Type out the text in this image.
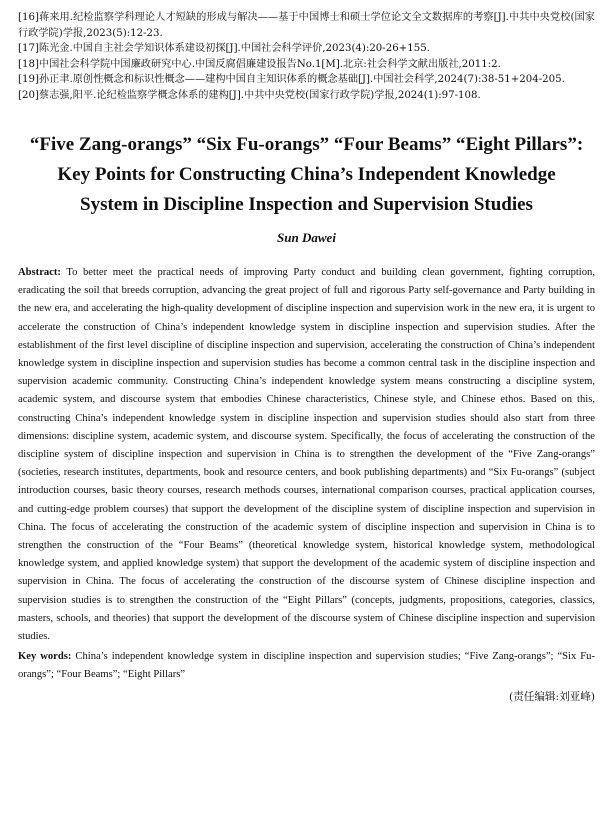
[16]蒋来用.纪检监察学科理论人才短缺的形成与解决——基于中国博士和硕士学位论文全文数据库的考察[J].中共中央党校(国家行政学院)学报,2023(5):12-23.

[17]陈光金.中国自主社会学知识体系建设初探[J].中国社会科学评价,2023(4):20-26+155.

[18]中国社会科学院中国廉政研究中心.中国反腐倡廉建设报告No.1[M].北京:社会科学文献出版社,2011:2.

[19]孙正聿.原创性概念和标识性概念——建构中国自主知识体系的概念基础[J].中国社会科学,2024(7):38-51+204-205.

[20]蔡志强,阳平.论纪检监察学概念体系的建构[J].中共中央党校(国家行政学院)学报,2024(1):97-108.

“Five Zang-orangs” “Six Fu-orangs” “Four Beams” “Eight Pillars”:
Key Points for Constructing China’s Independent Knowledge
System in Discipline Inspection and Supervision Studies

Sun Dawei

Abstract: To better meet the practical needs of improving Party conduct and building clean government, fighting corruption, eradicating the soil that breeds corruption, advancing the great project of full and rigorous Party self-governance and Party building in the new era, and accelerating the high-quality development of discipline inspection and supervision work in the new era, it is urgent to accelerate the construction of China’s independent knowledge system in discipline inspection and supervision studies. After the establishment of the first level discipline of discipline inspection and supervision, accelerating the construction of China’s independent knowledge system in discipline inspection and supervision studies has become a common central task in the discipline inspection and supervision academic community. Constructing China’s independent knowledge system means constructing a discipline system, academic system, and discourse system that embodies Chinese characteristics, Chinese style, and Chinese ethos. Based on this, constructing China’s independent knowledge system in discipline inspection and supervision studies should also start from three dimensions: discipline system, academic system, and discourse system. Specifically, the focus of accelerating the construction of the discipline system of discipline inspection and supervision in China is to strengthen the development of the “Five Zang-orangs” (societies, research institutes, departments, book and resource centers, and book publishing departments) and “Six Fu-orangs” (subject introduction courses, basic theory courses, research methods courses, international comparison courses, practical application courses, and cutting-edge problem courses) that support the development of the discipline system of discipline inspection and supervision in China. The focus of accelerating the construction of the academic system of discipline inspection and supervision in China is to strengthen the construction of the “Four Beams” (theoretical knowledge system, historical knowledge system, methodological knowledge system, and applied knowledge system) that support the development of the academic system of discipline inspection and supervision in China. The focus of accelerating the construction of the discourse system of Chinese discipline inspection and supervision studies is to strengthen the construction of the “Eight Pillars” (concepts, judgments, propositions, categories, classics, masters, schools, and theories) that support the development of the discourse system of Chinese discipline inspection and supervision studies.

Key words: China’s independent knowledge system in discipline inspection and supervision studies; “Five Zang-orangs”; “Six Fu-orangs”; “Four Beams”; “Eight Pillars”

(责任编辑:刘亚峰)
